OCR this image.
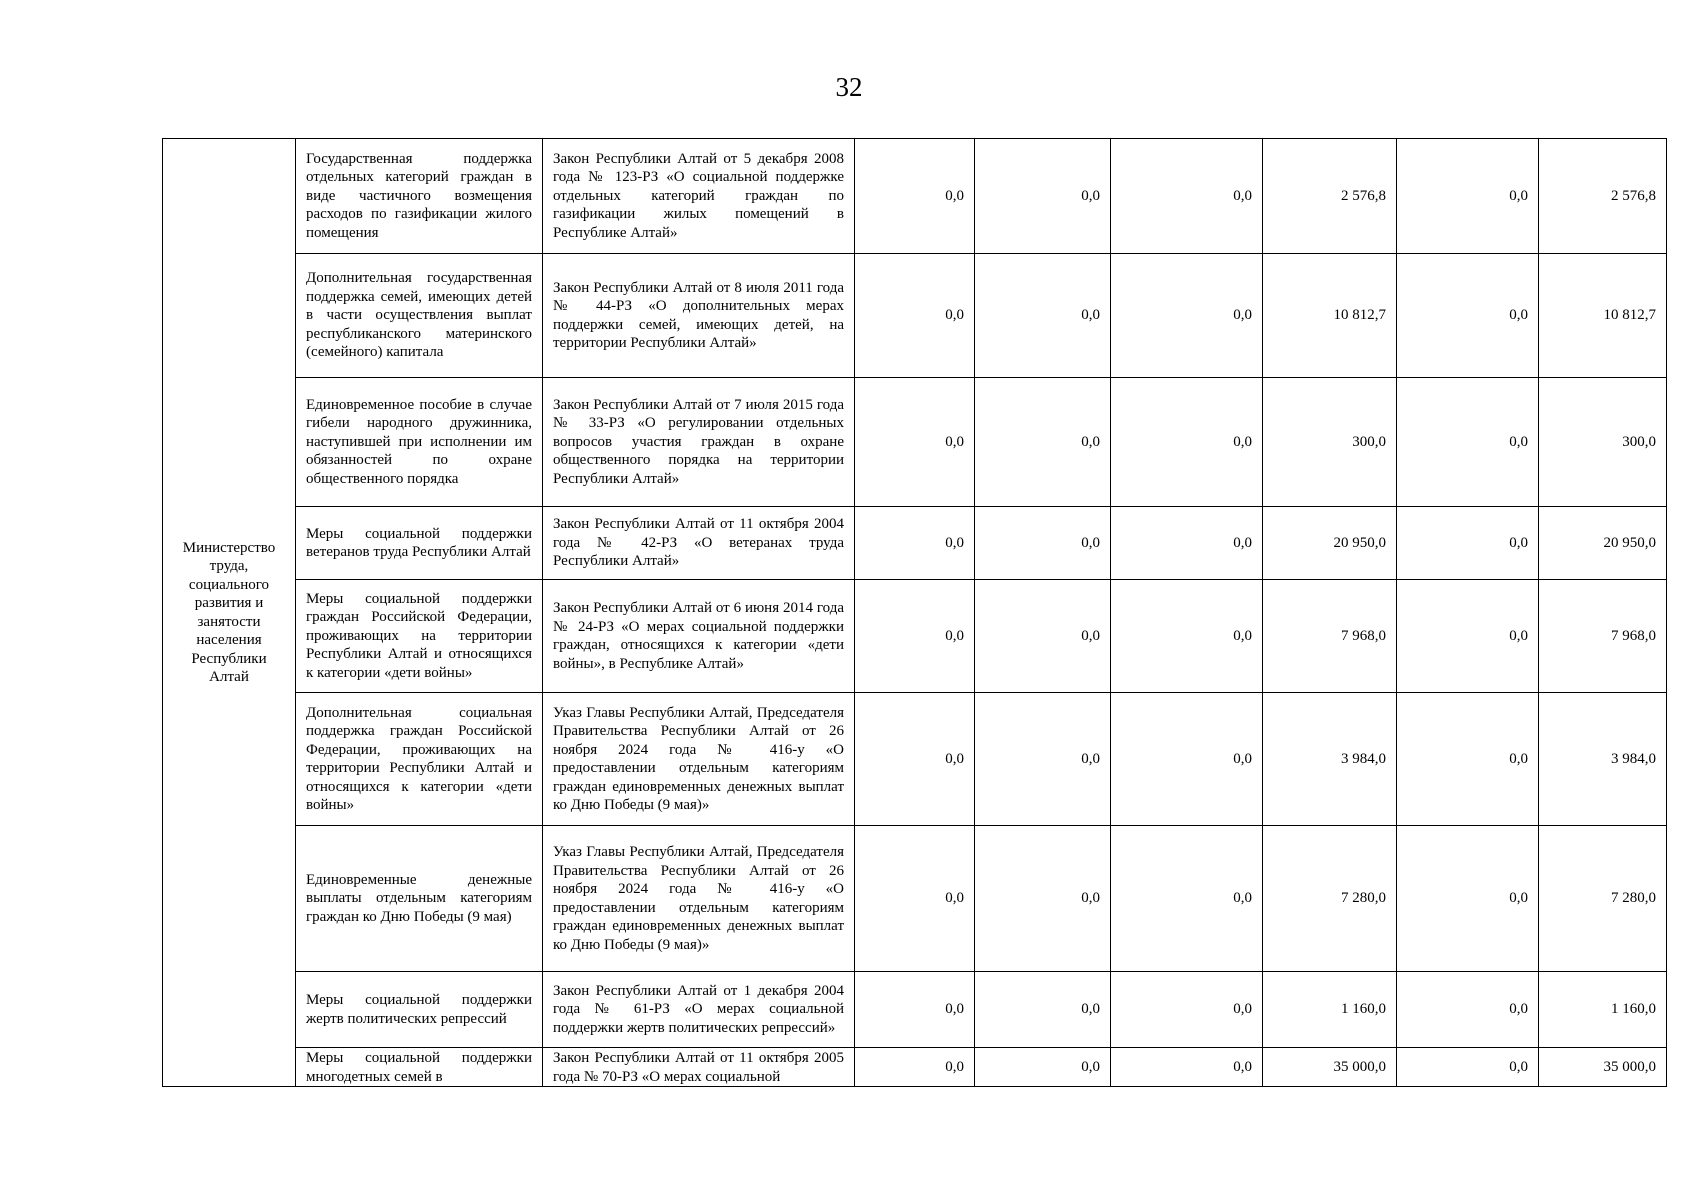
32
Министерство труда, социального развития и занятости населения Республики Алтай	Государственная поддержка отдельных категорий граждан в виде частичного возмещения расходов по газификации жилого помещения	Закон Республики Алтай от 5 декабря 2008 года № 123-РЗ «О социальной поддержке отдельных категорий граждан по газификации жилых помещений в Республике Алтай»	0,0	0,0	0,0	2 576,8	0,0	2 576,8
	Дополнительная государственная поддержка семей, имеющих детей в части осуществления выплат республиканского материнского (семейного) капитала	Закон Республики Алтай от 8 июля 2011 года № 44-РЗ «О дополнительных мерах поддержки семей, имеющих детей, на территории Республики Алтай»	0,0	0,0	0,0	10 812,7	0,0	10 812,7
	Единовременное пособие в случае гибели народного дружинника, наступившей при исполнении им обязанностей по охране общественного порядка	Закон Республики Алтай от 7 июля 2015 года № 33-РЗ «О регулировании отдельных вопросов участия граждан в охране общественного порядка на территории Республики Алтай»	0,0	0,0	0,0	300,0	0,0	300,0
	Меры социальной поддержки ветеранов труда Республики Алтай	Закон Республики Алтай от 11 октября 2004 года № 42-РЗ «О ветеранах труда Республики Алтай»	0,0	0,0	0,0	20 950,0	0,0	20 950,0
	Меры социальной поддержки граждан Российской Федерации, проживающих на территории Республики Алтай и относящихся к категории «дети войны»	Закон Республики Алтай от 6 июня 2014 года № 24-РЗ «О мерах социальной поддержки граждан, относящихся к категории «дети войны», в Республике Алтай»	0,0	0,0	0,0	7 968,0	0,0	7 968,0
	Дополнительная социальная поддержка граждан Российской Федерации, проживающих на территории Республики Алтай и относящихся к категории «дети войны»	Указ Главы Республики Алтай, Председателя Правительства Республики Алтай от 26 ноября 2024 года № 416-у «О предоставлении отдельным категориям граждан единовременных денежных выплат ко Дню Победы (9 мая)»	0,0	0,0	0,0	3 984,0	0,0	3 984,0
	Единовременные денежные выплаты отдельным категориям граждан ко Дню Победы (9 мая)	Указ Главы Республики Алтай, Председателя Правительства Республики Алтай от 26 ноября 2024 года № 416-у «О предоставлении отдельным категориям граждан единовременных денежных выплат ко Дню Победы (9 мая)»	0,0	0,0	0,0	7 280,0	0,0	7 280,0
	Меры социальной поддержки жертв политических репрессий	Закон Республики Алтай от 1 декабря 2004 года № 61-РЗ «О мерах социальной поддержки жертв политических репрессий»	0,0	0,0	0,0	1 160,0	0,0	1 160,0
	Меры социальной поддержки многодетных семей в	Закон Республики Алтай от 11 октября 2005 года № 70-РЗ «О мерах социальной	0,0	0,0	0,0	35 000,0	0,0	35 000,0
